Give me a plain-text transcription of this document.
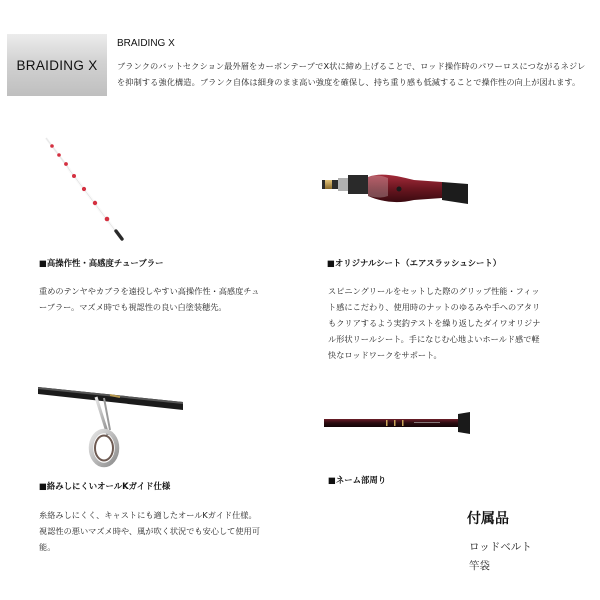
BRAIDING X
BRAIDING X
ブランクのバットセクション最外層をカーボンテープでX状に締め上げることで、ロッド操作時のパワーロスにつながるネジレを抑制する強化構造。ブランク自体は細身のまま高い強度を確保し、持ち重り感も低減することで操作性の向上が図れます。
■高操作性・高感度チューブラー
重めのテンヤやカブラを遠投しやすい高操作性・高感度チューブラー。マズメ時でも視認性の良い白塗装穂先。
■オリジナルシート（エアスラッシュシート）
スピニングリールをセットした際のグリップ性能・フィット感にこだわり、使用時のナットのゆるみや手へのアタリもクリアするよう実釣テストを繰り返したダイワオリジナル形状リールシート。手になじむ心地よいホールド感で軽快なロッドワークをサポート。
■絡みしにくいオールKガイド仕様
糸絡みしにくく、キャストにも適したオールKガイド仕様。視認性の悪いマズメ時や、風が吹く状況でも安心して使用可能。
■ネーム部周り
付属品
ロッドベルト
竿袋
